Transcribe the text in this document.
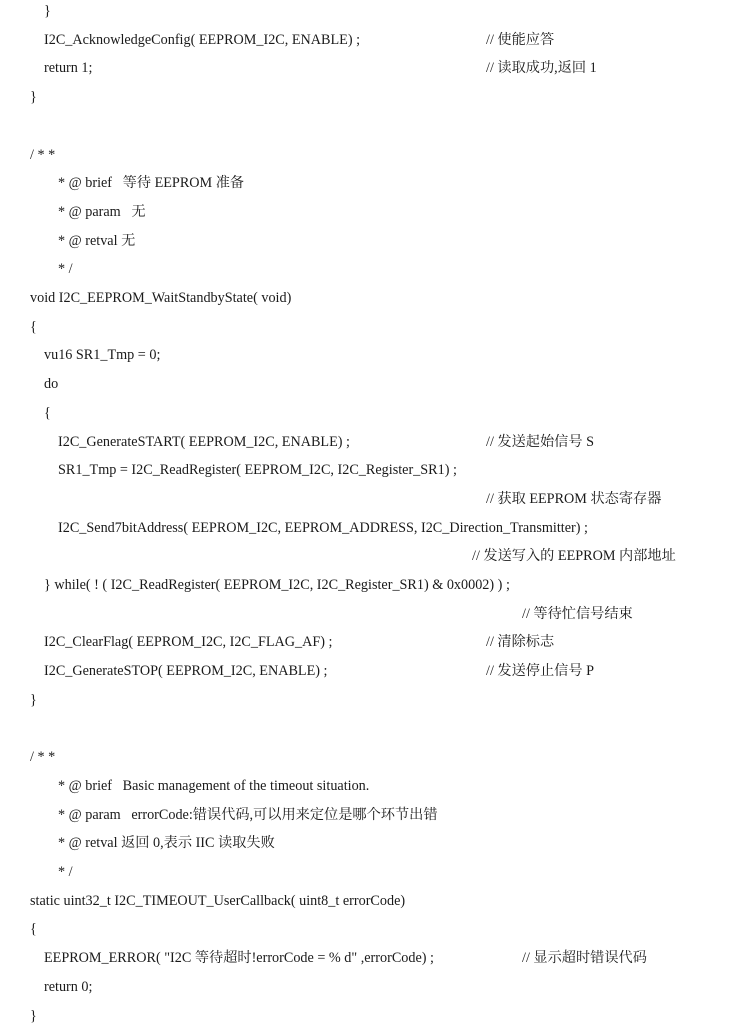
}
I2C_AcknowledgeConfig( EEPROM_I2C, ENABLE) ;	// 使能应答
return 1;	// 读取成功,返回 1
}
/ * *
* @ brief   等待 EEPROM 准备
* @ param   无
* @ retval 无
* /
void I2C_EEPROM_WaitStandbyState( void)
{
vu16 SR1_Tmp = 0;
do
{
I2C_GenerateSTART( EEPROM_I2C, ENABLE) ;	// 发送起始信号 S
SR1_Tmp = I2C_ReadRegister( EEPROM_I2C, I2C_Register_SR1) ;
// 获取 EEPROM 状态寄存器
I2C_Send7bitAddress( EEPROM_I2C, EEPROM_ADDRESS, I2C_Direction_Transmitter) ;
// 发送写入的 EEPROM 内部地址
} while( ! ( I2C_ReadRegister( EEPROM_I2C, I2C_Register_SR1) & 0x0002) ) ;
// 等待忙信号结束
I2C_ClearFlag( EEPROM_I2C, I2C_FLAG_AF) ;	// 清除标志
I2C_GenerateSTOP( EEPROM_I2C, ENABLE) ;	// 发送停止信号 P
}
/ * *
* @ brief   Basic management of the timeout situation.
* @ param   errorCode:错误代码,可以用来定位是哪个环节出错
* @ retval 返回 0,表示 IIC 读取失败
* /
static uint32_t I2C_TIMEOUT_UserCallback( uint8_t errorCode)
{
EEPROM_ERROR( "I2C 等待超时!errorCode = % d" ,errorCode) ;	// 显示超时错误代码
return 0;
}
